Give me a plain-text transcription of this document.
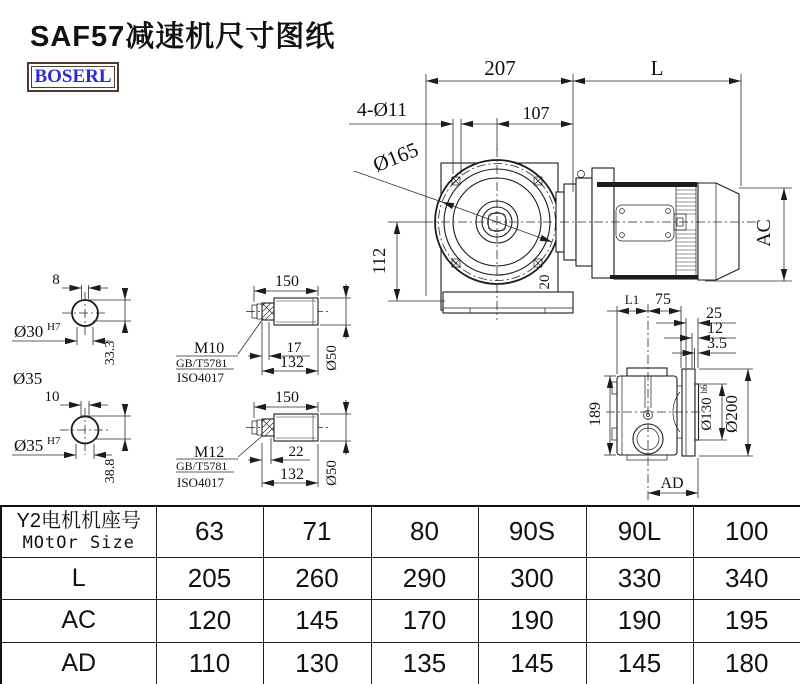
SAF57减速机尺寸图纸
BOSERL	207	L
107
4-Ø11
Ø165
112
20
AC
L1 75
25
12
3.5
189	Ø130
h6
Ø200
AD
8
Ø30 H7
33.3
Ø35
10
Ø35 H7
38.8
150
17
132 Ø50
M10
GB/T5781
ISO4017
150
22
132 Ø50
M12
GB/T5781
ISO4017
Y2电机机座号
MOtOr Size	63	71	80	90S	90L	100
L	205	260	290	300	330	340
AC	120	145	170	190	190	195
AD	110	130	135	145	145	180
